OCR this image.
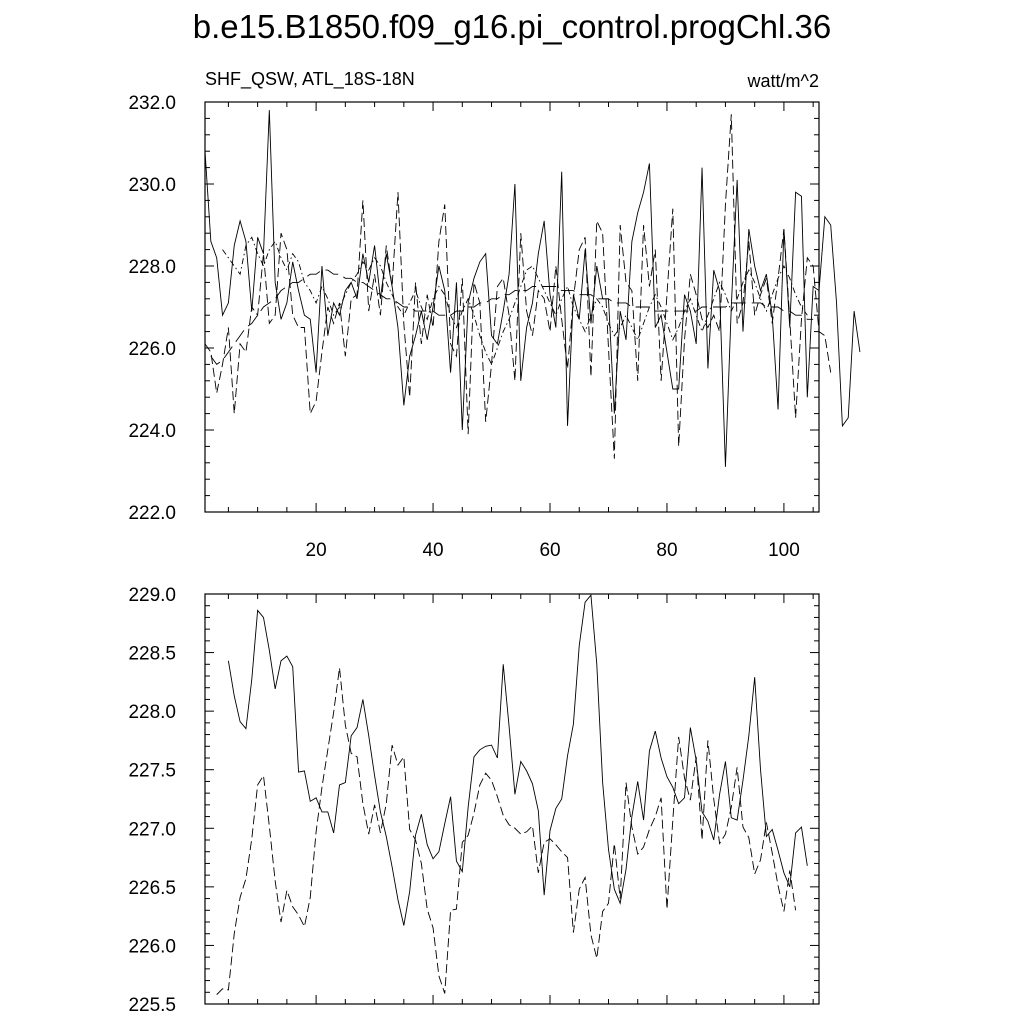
b.e15.B1850.f09_g16.pi_control.progChl.36
SHF_QSW, ATL_18S-18N	watt/m^2
222.0
224.0
226.0
228.0
230.0
232.0
20	40	60	80	100
225.5
226.0
226.5
227.0
227.5
228.0
228.5
229.0
